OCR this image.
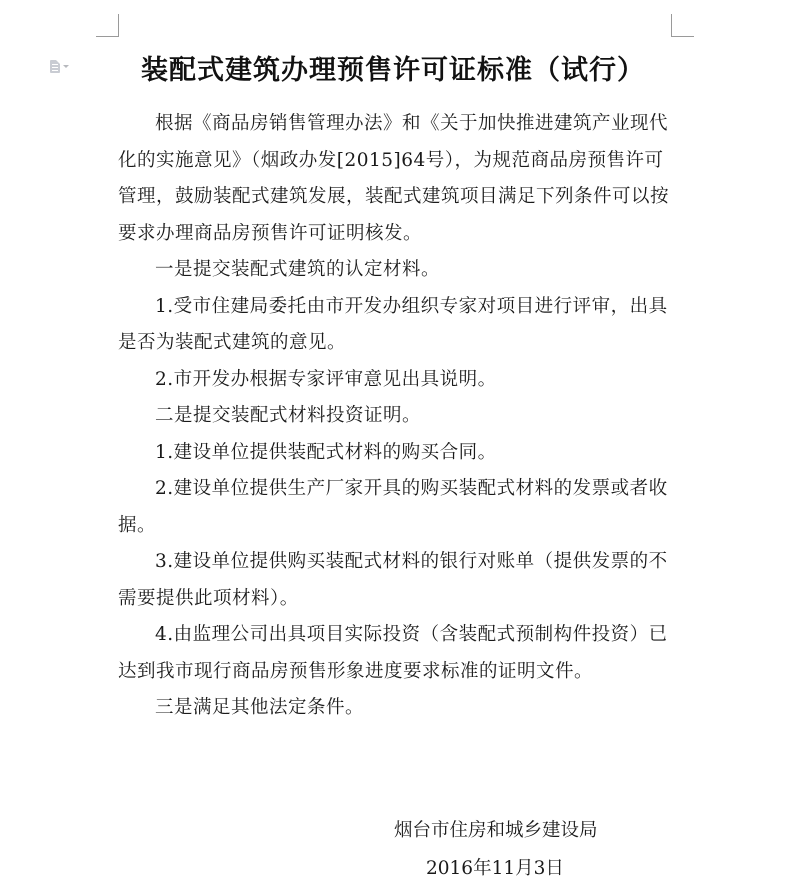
装配式建筑办理预售许可证标准（试行）

根据《商品房销售管理办法》和《关于加快推进建筑产业现代化的实施意见》（烟政办发[2015]64号），为规范商品房预售许可管理，鼓励装配式建筑发展，装配式建筑项目满足下列条件可以按要求办理商品房预售许可证明核发。

一是提交装配式建筑的认定材料。

1.受市住建局委托由市开发办组织专家对项目进行评审，出具是否为装配式建筑的意见。

2.市开发办根据专家评审意见出具说明。

二是提交装配式材料投资证明。

1.建设单位提供装配式材料的购买合同。

2.建设单位提供生产厂家开具的购买装配式材料的发票或者收据。

3.建设单位提供购买装配式材料的银行对账单（提供发票的不需要提供此项材料）。

4.由监理公司出具项目实际投资（含装配式预制构件投资）已达到我市现行商品房预售形象进度要求标准的证明文件。

三是满足其他法定条件。

烟台市住房和城乡建设局
2016年11月3日
